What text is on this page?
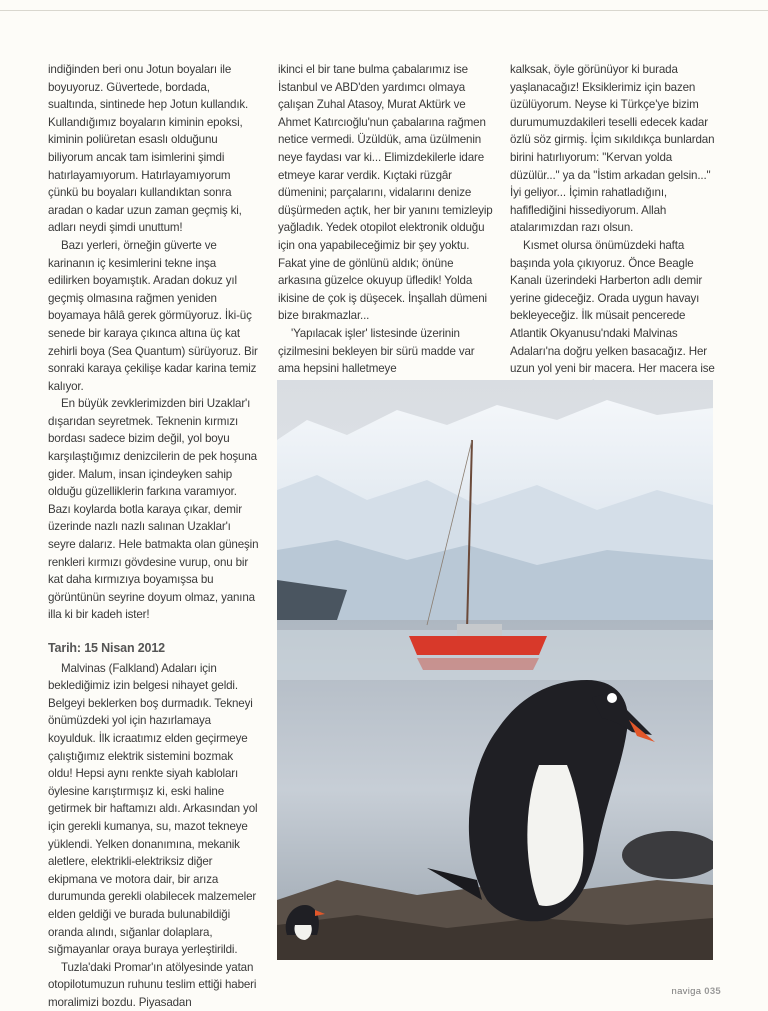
indiğinden beri onu Jotun boyaları ile boyuyoruz. Güvertede, bordada, sualtında, sintinede hep Jotun kullandık. Kullandığımız boyaların kiminin epoksi, kiminin poliüretan esaslı olduğunu biliyorum ancak tam isimlerini şimdi hatırlayamıyorum. Hatırlayamıyorum çünkü bu boyaları kullandıktan sonra aradan o kadar uzun zaman geçmiş ki, adları neydi şimdi unuttum!

Bazı yerleri, örneğin güverte ve karinanın iç kesimlerini tekne inşa edilirken boyamıştık. Aradan dokuz yıl geçmiş olmasına rağmen yeniden boyamaya hâlâ gerek görmüyoruz. İki-üç senede bir karaya çıkınca altına üç kat zehirli boya (Sea Quantum) sürüyoruz. Bir sonraki karaya çekilişe kadar karina temiz kalıyor.

En büyük zevklerimizden biri Uzaklar'ı dışarıdan seyretmek. Teknenin kırmızı bordası sadece bizim değil, yol boyu karşılaştığımız denizcilerin de pek hoşuna gider. Malum, insan içindeyken sahip olduğu güzelliklerin farkına varamıyor. Bazı koylarda botla karaya çıkar, demir üzerinde nazlı nazlı salınan Uzaklar'ı seyre dalarız. Hele batmakta olan güneşin renkleri kırmızı gövdesine vurup, onu bir kat daha kırmızıya boyamışsa bu görüntünün seyrine doyum olmaz, yanına illa ki bir kadeh ister!

Tarih: 15 Nisan 2012

Malvinas (Falkland) Adaları için beklediğimiz izin belgesi nihayet geldi. Belgeyi beklerken boş durmadık. Tekneyi önümüzdeki yol için hazırlamaya koyulduk. İlk icraatımız elden geçirmeye çalıştığımız elektrik sistemini bozmak oldu! Hepsi aynı renkte siyah kabloları öylesine karıştırmışız ki, eski haline getirmek bir haftamızı aldı. Arkasından yol için gerekli kumanya, su, mazot tekneye yüklendi. Yelken donanımına, mekanik aletlere, elektrikli-elektriksiz diğer ekipmana ve motora dair, bir arıza durumunda gerekli olabilecek malzemeler elden geldiği ve burada bulunabildiği oranda alındı, sığanlar dolaplara, sığmayanlar oraya buraya yerleştirildi.

Tuzla'daki Promar'ın atölyesinde yatan otopilotumuzun ruhunu teslim ettiği haberi moralimizi bozdu. Piyasadan

ikinci el bir tane bulma çabalarımız ise İstanbul ve ABD'den yardımcı olmaya çalışan Zuhal Atasoy, Murat Aktürk ve Ahmet Katırcıoğlu'nun çabalarına rağmen netice vermedi. Üzüldük, ama üzülmenin neye faydası var ki... Elimizdekilerle idare etmeye karar verdik. Kıçtaki rüzgâr dümenini; parçalarını, vidalarını denize düşürmeden açtık, her bir yanını temizleyip yağladık. Yedek otopilot elektronik olduğu için ona yapabileceğimiz bir şey yoktu. Fakat yine de gönlünü aldık; önüne arkasına güzelce okuyup üfledik! Yolda ikisine de çok iş düşecek. İnşallah dümeni bize bırakmazlar...

'Yapılacak işler' listesinde üzerinin çizilmesini bekleyen bir sürü madde var ama hepsini halletmeye

kalksak, öyle görünüyor ki burada yaşlanacağız! Eksiklerimiz için bazen üzülüyorum. Neyse ki Türkçe'ye bizim durumumuzdakileri teselli edecek kadar özlü söz girmiş. İçim sıkıldıkça bunlardan birini hatırlıyorum: "Kervan yolda düzülür..." ya da "İstim arkadan gelsin..." İyi geliyor... İçimin rahatladığını, hafiflediğini hissediyorum. Allah atalarımızdan razı olsun.

Kısmet olursa önümüzdeki hafta başında yola çıkıyoruz. Önce Beagle Kanalı üzerindeki Harberton adlı demir yerine gideceğiz. Orada uygun havayı bekleyeceğiz. İlk müsait pencerede Atlantik Okyanusu'ndaki Malvinas Adaları'na doğru yelken basacağız. Her uzun yol yeni bir macera. Her macera ise

naviga 035
